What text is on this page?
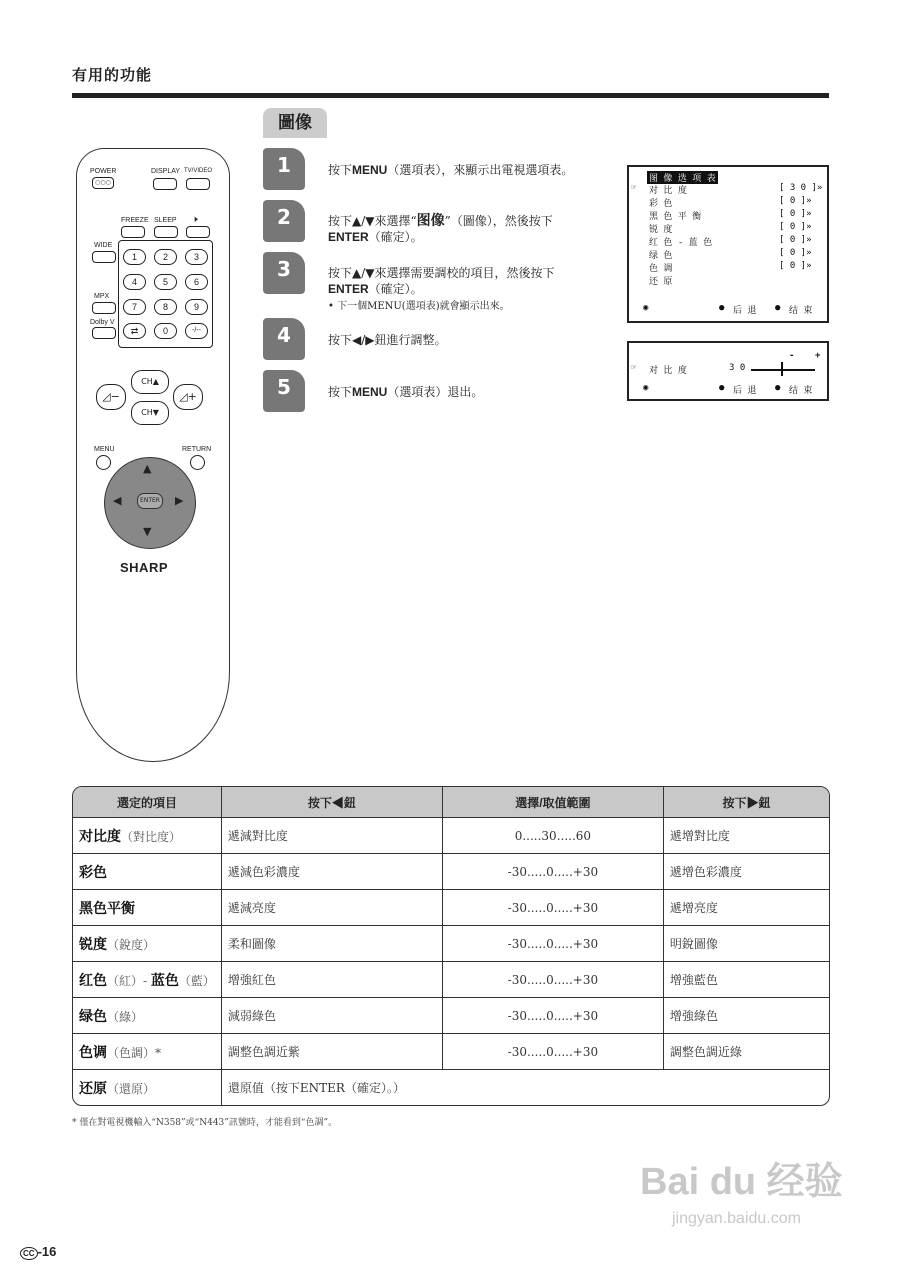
有用的功能
圖像
POWER
○○○
DISPLAY TV/VIDEO
FREEZE SLEEP 🕨
WIDE
MPX
Dolby V
1	2	3
4	5	6
7	8	9
⇄	0	-/--
◿−	◿+
CH▲
CH▼
MENU	RETURN
▲
▼
◀	▶
ENTER
SHARP
1	按下MENU（選項表），來顯示出電視選項表。
2	按下▲/▼來選擇“图像”（圖像），然後按下
ENTER（確定）。
3	按下▲/▼來選擇需要調校的項目，然後按下
ENTER（確定）。
• 下一個MENU(選項表)就會顯示出來。
4	按下◀/▶鈕進行調整。
5	按下MENU（選項表）退出。
图 像 选 项 表
☞ 对 比 度	[ 3 0 ]»
彩 色	[ 0 ]»
黑 色 平 衡	[ 0 ]»
锐 度	[ 0 ]»
红 色 - 蓝 色	[ 0 ]»
绿 色	[ 0 ]»
色 调	[ 0 ]»
还 原
◉	● 后 退 ● 结 束
- +
☞ 对 比 度	3 0
◉	● 后 退 ● 结 束
選定的項目	按下◀鈕	選擇/取值範圍	按下▶鈕
对比度（對比度）	遞減對比度	0.....30.....60	遞增對比度
彩色	遞減色彩濃度	-30.....0.....+30	遞增色彩濃度
黑色平衡	遞減亮度	-30.....0.....+30	遞增亮度
锐度（銳度）	柔和圖像	-30.....0.....+30	明銳圖像
红色（紅）- 蓝色（藍）	增強紅色	-30.....0.....+30	增強藍色
绿色（綠）	減弱綠色	-30.....0.....+30	增強綠色
色调（色調）*	調整色調近紫	-30.....0.....+30	調整色調近綠
还原（還原）	還原值（按下ENTER（確定）。）		
* 僅在對電視機輸入“N358”或“N443”訊號時，才能看到“色調”。
CC -16
Bai du 经验
jingyan.baidu.com
